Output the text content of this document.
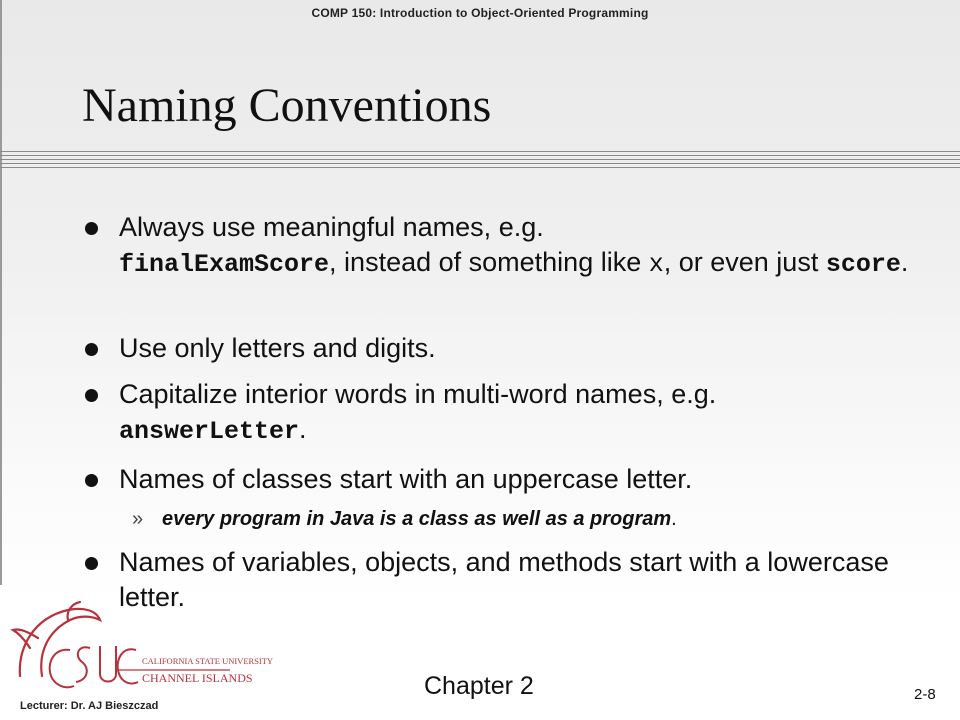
COMP 150: Introduction to Object-Oriented Programming
Naming Conventions
Always use meaningful names, e.g.
finalExamScore, instead of something like x, or even just score.
Use only letters and digits.
Capitalize interior words in multi-word names, e.g.
answerLetter.
Names of classes start with an uppercase letter.
» every program in Java is a class as well as a program.
Names of variables, objects, and methods start with a lowercase letter.
CALIFORNIA STATE UNIVERSITY
CHANNEL ISLANDS
Lecturer: Dr. AJ Bieszczad
Chapter 2	2-8
